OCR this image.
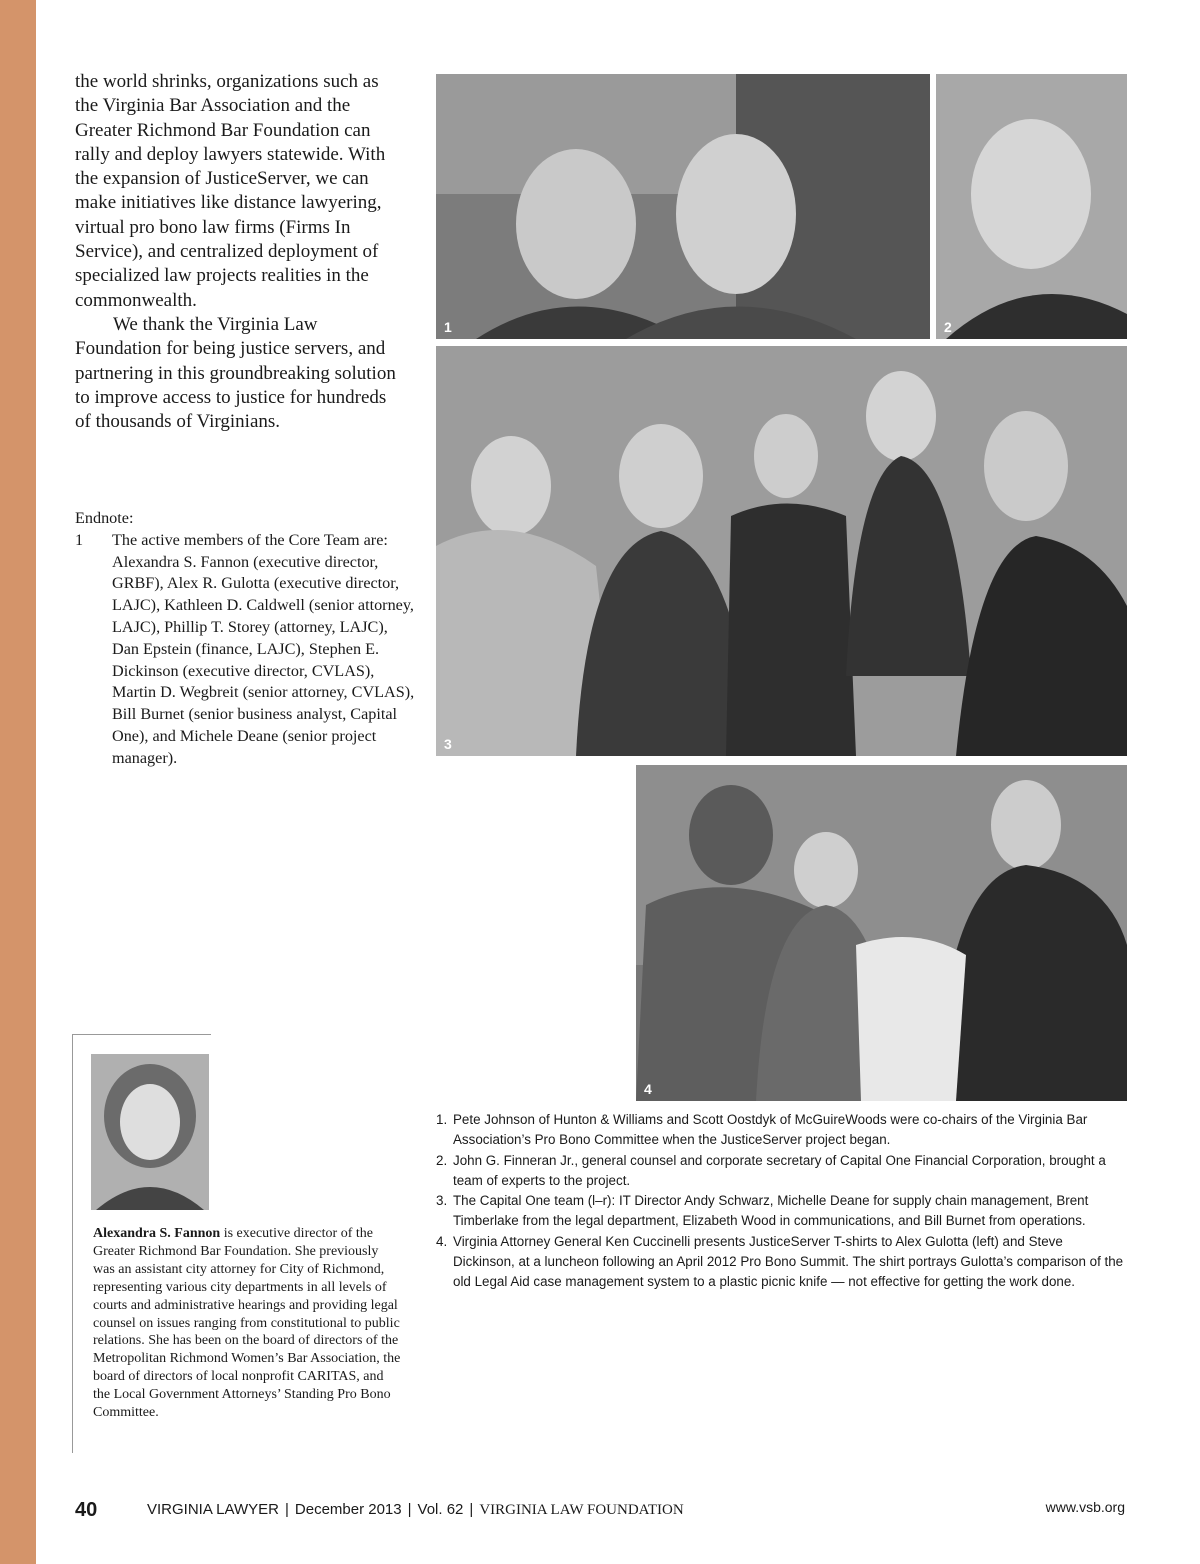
the world shrinks, organizations such as the Virginia Bar Association and the Greater Richmond Bar Foundation can rally and deploy lawyers statewide. With the expansion of JusticeServer, we can make initiatives like distance lawyering, virtual pro bono law firms (Firms In Service), and centralized deployment of specialized law projects realities in the commonwealth.

We thank the Virginia Law Foundation for being justice servers, and partnering in this groundbreaking solution to improve access to justice for hundreds of thousands of Virginians.

Endnote:

1	The active members of the Core Team are: Alexandra S. Fannon (executive director, GRBF), Alex R. Gulotta (executive director, LAJC), Kathleen D. Caldwell (senior attorney, LAJC), Phillip T. Storey (attorney, LAJC), Dan Epstein (finance, LAJC), Stephen E. Dickinson (executive director, CVLAS), Martin D. Wegbreit (senior attorney, CVLAS), Bill Burnet (senior business analyst, Capital One), and Michele Deane (senior project manager).
1	2
3
4

Alexandra S. Fannon is executive director of the Greater Richmond Bar Foundation. She previously was an assistant city attorney for City of Richmond, representing various city departments in all levels of courts and administrative hearings and providing legal counsel on issues ranging from constitutional to public relations. She has been on the board of directors of the Metropolitan Richmond Women’s Bar Association, the board of directors of local nonprofit CARITAS, and the Local Government Attorneys’ Standing Pro Bono Committee.

1. Pete Johnson of Hunton & Williams and Scott Oostdyk of McGuireWoods were co-chairs of the Virginia Bar Association’s Pro Bono Committee when the JusticeServer project began.
2. John G. Finneran Jr., general counsel and corporate secretary of Capital One Financial Corporation, brought a team of experts to the project.
3. The Capital One team (l–r): IT Director Andy Schwarz, Michelle Deane for supply chain management, Brent Timberlake from the legal department, Elizabeth Wood in communications, and Bill Burnet from operations.
4. Virginia Attorney General Ken Cuccinelli presents JusticeServer T-shirts to Alex Gulotta (left) and Steve Dickinson, at a luncheon following an April 2012 Pro Bono Summit. The shirt portrays Gulotta’s comparison of the old Legal Aid case management system to a plastic picnic knife — not effective for getting the work done.
40	VIRGINIA LAWYER | December 2013 | Vol. 62 | VIRGINIA LAW FOUNDATION	www.vsb.org
